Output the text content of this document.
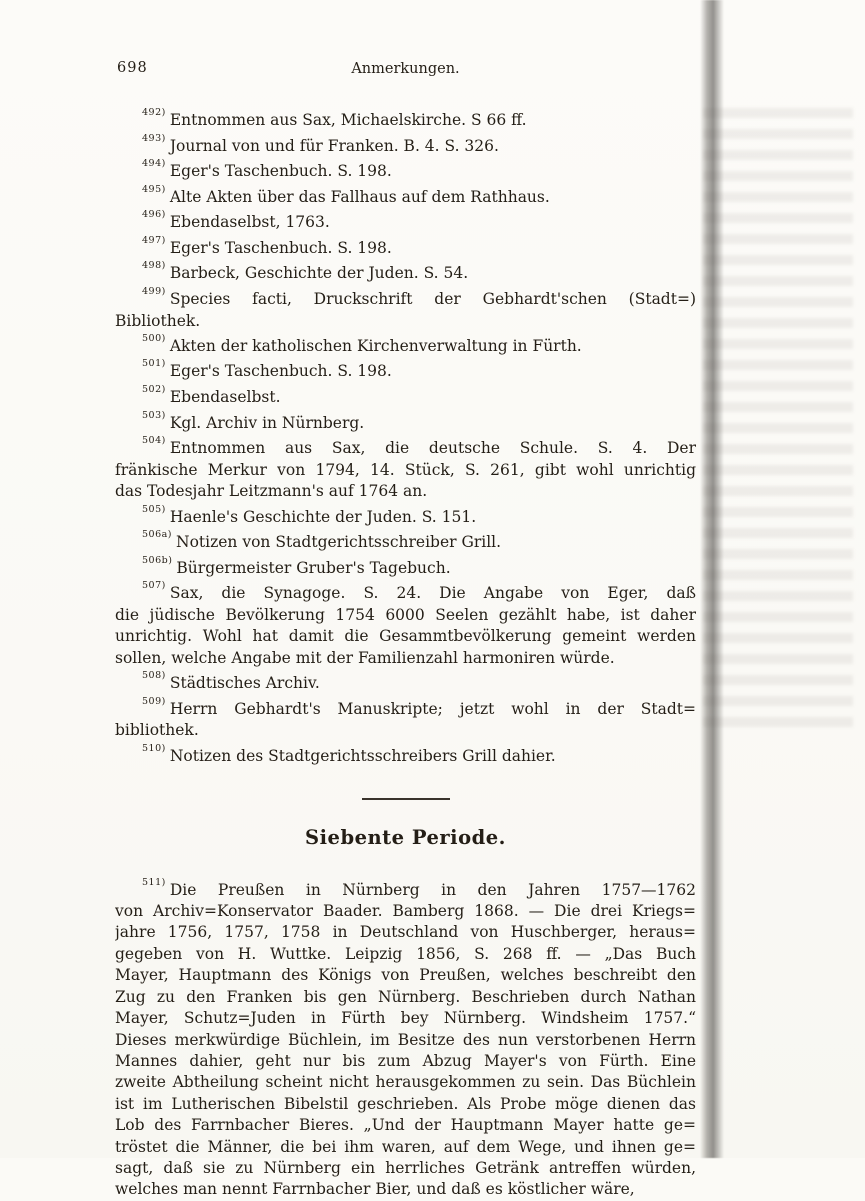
698	Anmerkungen.
$^{492)}$ Entnommen aus Sax, Michaelskirche. S 66 ff.
$^{493)}$ Journal von und für Franken. B. 4. S. 326.
$^{494)}$ Eger's Taschenbuch. S. 198.
$^{495)}$ Alte Akten über das Fallhaus auf dem Rathhaus.
$^{496)}$ Ebendaselbst, 1763.
$^{497)}$ Eger's Taschenbuch. S. 198.
$^{498)}$ Barbeck, Geschichte der Juden. S. 54.
$^{499)}$ Species facti, Druckschrift der Gebhardt'schen (Stadt=)
Bibliothek.
$^{500)}$ Akten der katholischen Kirchenverwaltung in Fürth.
$^{501)}$ Eger's Taschenbuch. S. 198.
$^{502)}$ Ebendaselbst.
$^{503)}$ Kgl. Archiv in Nürnberg.
$^{504)}$ Entnommen aus Sax, die deutsche Schule. S. 4. Der
fränkische Merkur von 1794, 14. Stück, S. 261, gibt wohl unrichtig
das Todesjahr Leitzmann's auf 1764 an.
$^{505)}$ Haenle's Geschichte der Juden. S. 151.
$^{506a)}$ Notizen von Stadtgerichtsschreiber Grill.
$^{506b)}$ Bürgermeister Gruber's Tagebuch.
$^{507)}$ Sax, die Synagoge. S. 24. Die Angabe von Eger, daß
die jüdische Bevölkerung 1754 6000 Seelen gezählt habe, ist daher
unrichtig. Wohl hat damit die Gesammtbevölkerung gemeint werden
sollen, welche Angabe mit der Familienzahl harmoniren würde.
$^{508)}$ Städtisches Archiv.
$^{509)}$ Herrn Gebhardt's Manuskripte; jetzt wohl in der Stadt=
bibliothek.
$^{510)}$ Notizen des Stadtgerichtsschreibers Grill dahier.
Siebente Periode.
$^{511)}$ Die Preußen in Nürnberg in den Jahren 1757—1762
von Archiv=Konservator Baader. Bamberg 1868. — Die drei Kriegs=
jahre 1756, 1757, 1758 in Deutschland von Huschberger, heraus=
gegeben von H. Wuttke. Leipzig 1856, S. 268 ff. — „Das Buch
Mayer, Hauptmann des Königs von Preußen, welches beschreibt den
Zug zu den Franken bis gen Nürnberg. Beschrieben durch Nathan
Mayer, Schutz=Juden in Fürth bey Nürnberg. Windsheim 1757.“
Dieses merkwürdige Büchlein, im Besitze des nun verstorbenen Herrn
Mannes dahier, geht nur bis zum Abzug Mayer's von Fürth. Eine
zweite Abtheilung scheint nicht herausgekommen zu sein. Das Büchlein
ist im Lutherischen Bibelstil geschrieben. Als Probe möge dienen das
Lob des Farrnbacher Bieres. „Und der Hauptmann Mayer hatte ge=
tröstet die Männer, die bei ihm waren, auf dem Wege, und ihnen ge=
sagt, daß sie zu Nürnberg ein herrliches Getränk antreffen würden,
welches man nennt Farrnbacher Bier, und daß es köstlicher wäre,
